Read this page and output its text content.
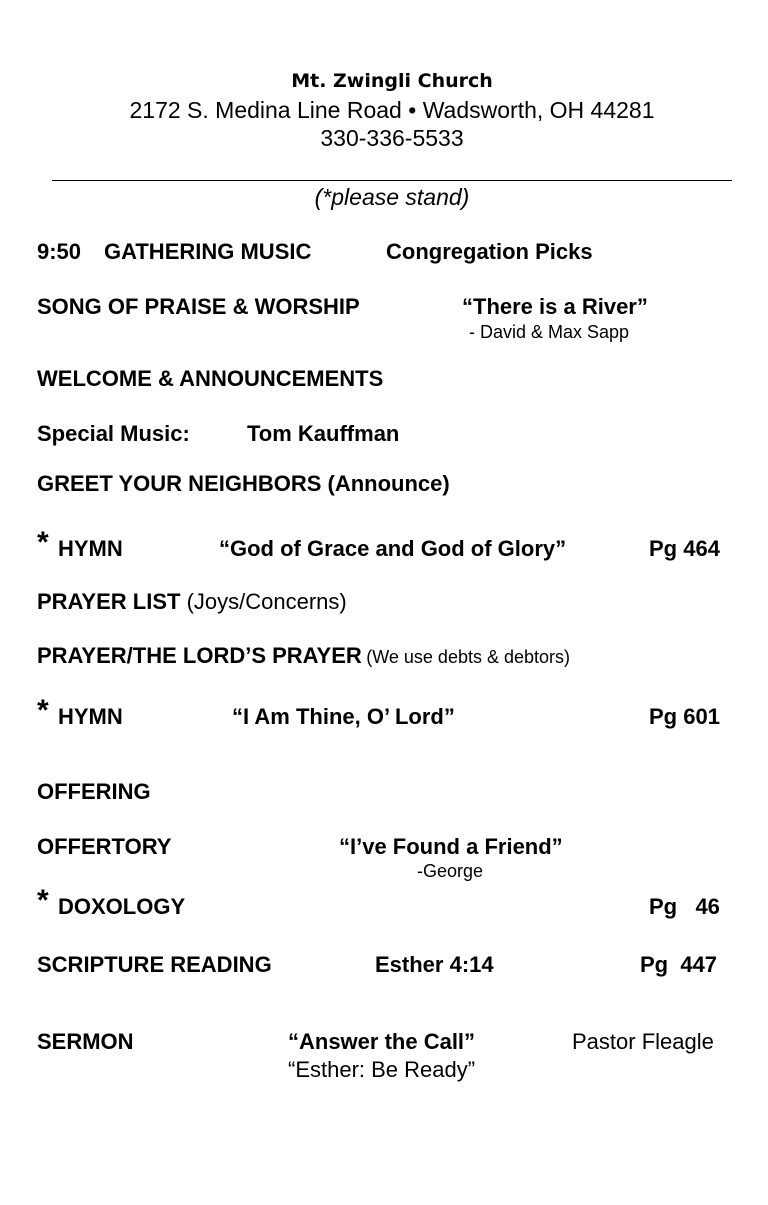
Mt. Zwingli Church
2172 S. Medina Line Road • Wadsworth, OH 44281
330-336-5533
(*please stand)
9:50 GATHERING MUSIC	Congregation Picks
SONG OF PRAISE & WORSHIP	“There is a River”
- David & Max Sapp
WELCOME & ANNOUNCEMENTS
Special Music:	Tom Kauffman
GREET YOUR NEIGHBORS (Announce)
* HYMN	“God of Grace and God of Glory”	Pg 464
PRAYER LIST (Joys/Concerns)
PRAYER/THE LORD’S PRAYER (We use debts & debtors)
* HYMN	“I Am Thine, O’ Lord”	Pg 601
OFFERING
OFFERTORY	“I’ve Found a Friend”
-George
* DOXOLOGY	Pg   46
SCRIPTURE READING	Esther 4:14	Pg  447
SERMON	“Answer the Call”	Pastor Fleagle
“Esther: Be Ready”
